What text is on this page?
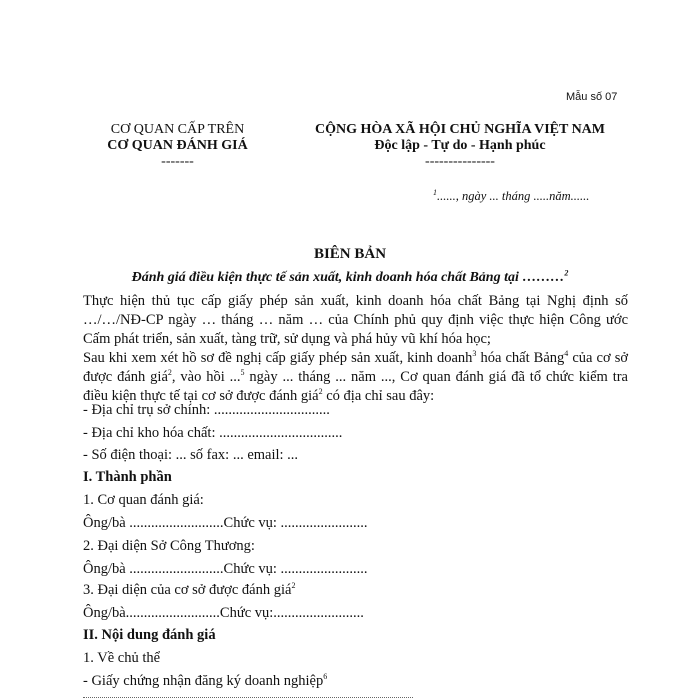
Mẫu số 07
CƠ QUAN CẤP TRÊN
CƠ QUAN ĐÁNH GIÁ
-------
CỘNG HÒA XÃ HỘI CHỦ NGHĨA VIỆT NAM
Độc lập - Tự do - Hạnh phúc
---------------
$^1$......, ngày ... tháng .....năm......
BIÊN BẢN
Đánh giá điều kiện thực tế sản xuất, kinh doanh hóa chất Bảng tại ………$^2$
Thực hiện thủ tục cấp giấy phép sản xuất, kinh doanh hóa chất Bảng tại Nghị định số …/…/NĐ-CP ngày … tháng … năm … của Chính phủ quy định việc thực hiện Công ước Cấm phát triển, sản xuất, tàng trữ, sử dụng và phá hủy vũ khí hóa học;
Sau khi xem xét hồ sơ đề nghị cấp giấy phép sản xuất, kinh doanh$^3$ hóa chất Bảng$^4$ của cơ sở được đánh giá$^2$, vào hồi ...$^5$ ngày ... tháng ... năm ..., Cơ quan đánh giá đã tổ chức kiểm tra điều kiện thực tế tại cơ sở được đánh giá$^2$ có địa chỉ sau đây:
- Địa chỉ trụ sở chính: ................................
- Địa chỉ kho hóa chất: ..................................
- Số điện thoại: ... số fax: ... email: ...
I. Thành phần
1. Cơ quan đánh giá:
Ông/bà ..........................Chức vụ: ........................
2. Đại diện Sở Công Thương:
Ông/bà ..........................Chức vụ: ........................
3. Đại diện của cơ sở được đánh giá$^2$
Ông/bà..........................Chức vụ:.........................
II. Nội dung đánh giá
1. Về chủ thể
- Giấy chứng nhận đăng ký doanh nghiệp$^6$
